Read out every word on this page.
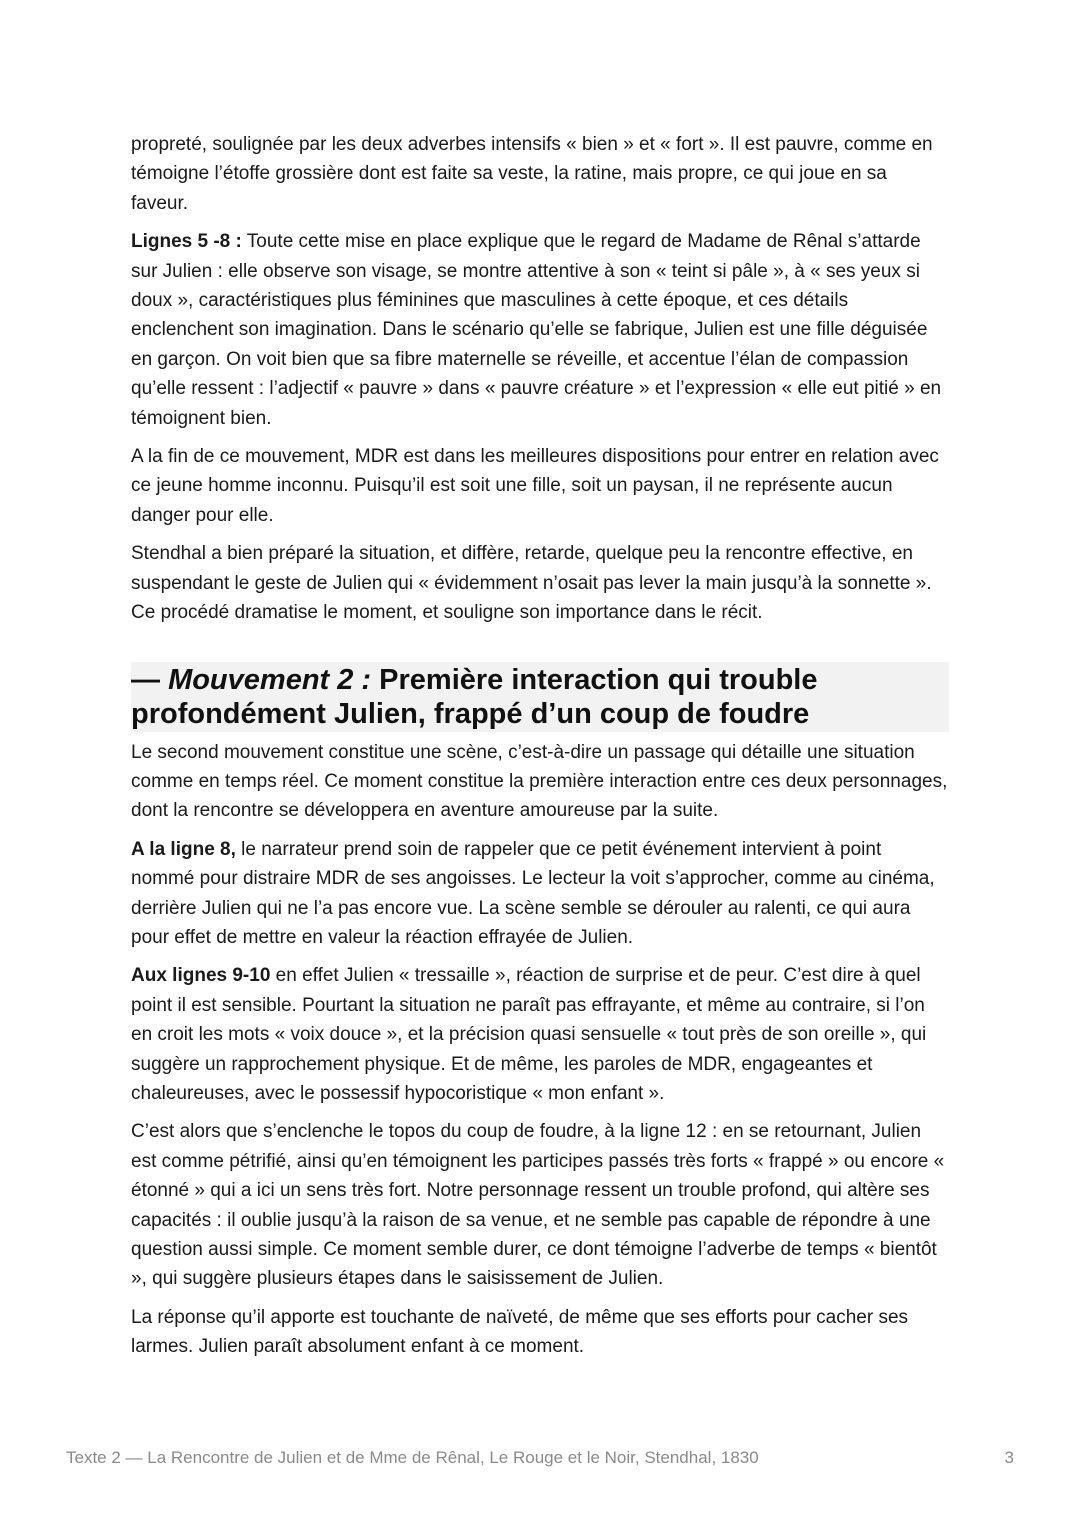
propreté, soulignée par les deux adverbes intensifs « bien » et « fort ». Il est pauvre, comme en témoigne l’étoffe grossière dont est faite sa veste, la ratine, mais propre, ce qui joue en sa faveur.

Lignes 5 -8 : Toute cette mise en place explique que le regard de Madame de Rênal s’attarde sur Julien : elle observe son visage, se montre attentive à son « teint si pâle », à « ses yeux si doux », caractéristiques plus féminines que masculines à cette époque, et ces détails enclenchent son imagination. Dans le scénario qu’elle se fabrique, Julien est une fille déguisée en garçon. On voit bien que sa fibre maternelle se réveille, et accentue l’élan de compassion qu’elle ressent : l’adjectif « pauvre » dans « pauvre créature » et l’expression « elle eut pitié » en témoignent bien.

A la fin de ce mouvement, MDR est dans les meilleures dispositions pour entrer en relation avec ce jeune homme inconnu. Puisqu’il est soit une fille, soit un paysan, il ne représente aucun danger pour elle.

Stendhal a bien préparé la situation, et diffère, retarde, quelque peu la rencontre effective, en suspendant le geste de Julien qui « évidemment n’osait pas lever la main jusqu’à la sonnette ». Ce procédé dramatise le moment, et souligne son importance dans le récit.

— Mouvement 2 : Première interaction qui trouble profondément Julien, frappé d’un coup de foudre

Le second mouvement constitue une scène, c’est-à-dire un passage qui détaille une situation comme en temps réel. Ce moment constitue la première interaction entre ces deux personnages, dont la rencontre se développera en aventure amoureuse par la suite.

A la ligne 8, le narrateur prend soin de rappeler que ce petit événement intervient à point nommé pour distraire MDR de ses angoisses. Le lecteur la voit s’approcher, comme au cinéma, derrière Julien qui ne l’a pas encore vue. La scène semble se dérouler au ralenti, ce qui aura pour effet de mettre en valeur la réaction effrayée de Julien.

Aux lignes 9-10 en effet Julien « tressaille », réaction de surprise et de peur. C’est dire à quel point il est sensible. Pourtant la situation ne paraît pas effrayante, et même au contraire, si l’on en croit les mots « voix douce », et la précision quasi sensuelle « tout près de son oreille », qui suggère un rapprochement physique. Et de même, les paroles de MDR, engageantes et chaleureuses, avec le possessif hypocoristique « mon enfant ».

C’est alors que s’enclenche le topos du coup de foudre, à la ligne 12 : en se retournant, Julien est comme pétrifié, ainsi qu’en témoignent les participes passés très forts « frappé » ou encore « étonné » qui a ici un sens très fort. Notre personnage ressent un trouble profond, qui altère ses capacités : il oublie jusqu’à la raison de sa venue, et ne semble pas capable de répondre à une question aussi simple. Ce moment semble durer, ce dont témoigne l’adverbe de temps « bientôt », qui suggère plusieurs étapes dans le saisissement de Julien.

La réponse qu’il apporte est touchante de naïveté, de même que ses efforts pour cacher ses larmes. Julien paraît absolument enfant à ce moment.

Texte 2 — La Rencontre de Julien et de Mme de Rênal, Le Rouge et le Noir, Stendhal, 1830	3
